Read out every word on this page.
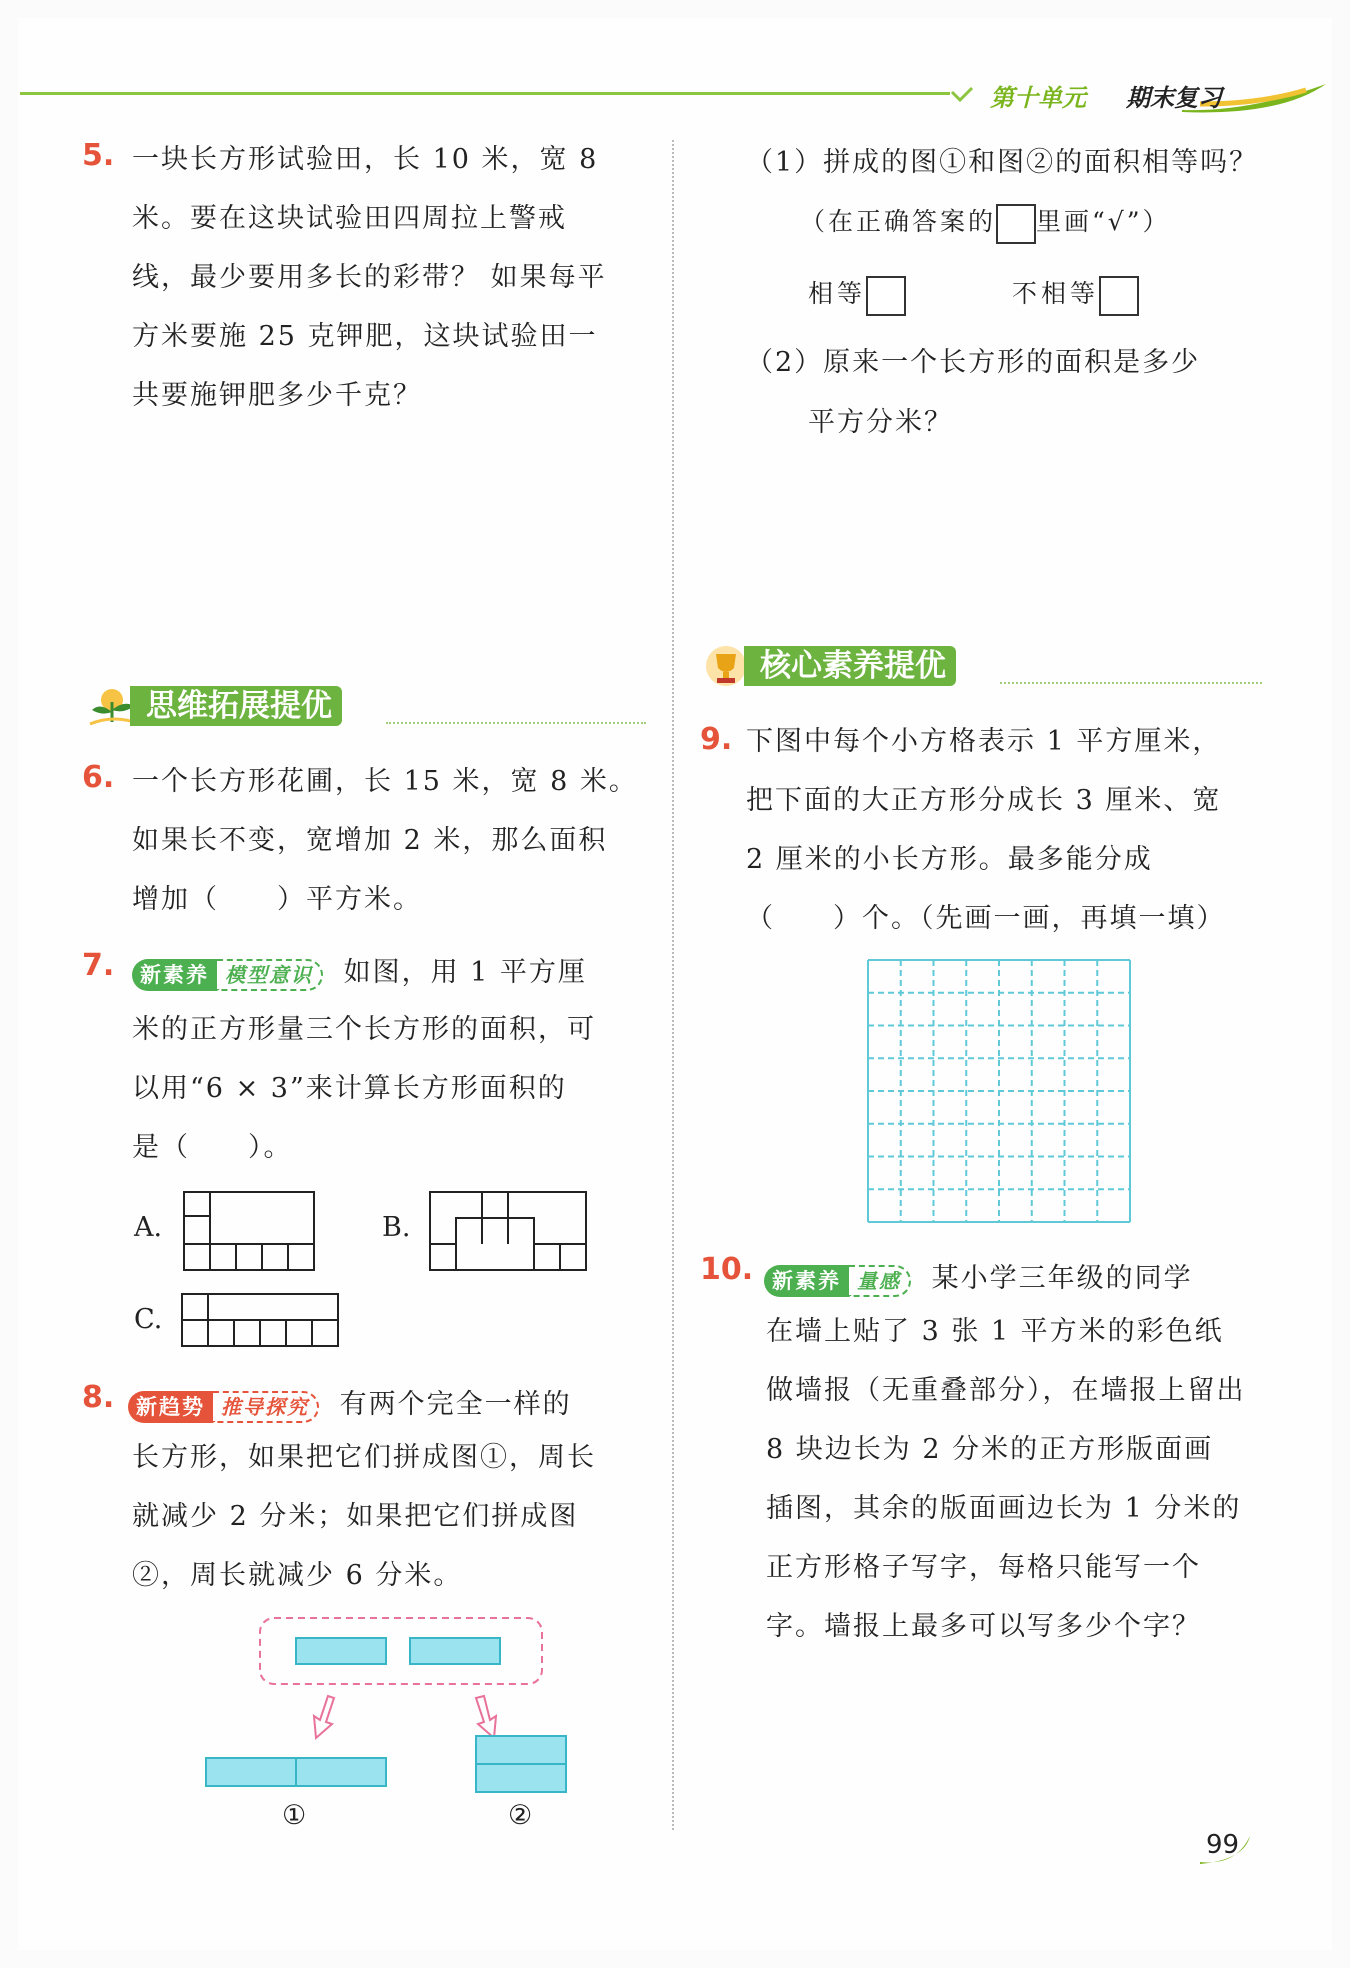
第十单元 期末复习
5. 一块长方形试验田，长 10 米，宽 8
米。要在这块试验田四周拉上警戒
线，最少要用多长的彩带？ 如果每平
方米要施 25 克钾肥，这块试验田一
共要施钾肥多少千克？
思维拓展提优
6. 一个长方形花圃，长 15 米，宽 8 米。
如果长不变，宽增加 2 米，那么面积
增加（　　）平方米。
7.	新素养 模型意识 如图，用 1 平方厘
米的正方形量三个长方形的面积，可
以用“6 × 3”来计算长方形面积的
是（　　）。
A.	B.
C.
8.	新趋势 推导探究 有两个完全一样的
长方形，如果把它们拼成图①，周长
就减少 2 分米；如果把它们拼成图
②，周长就减少 6 分米。
①	②
（1）拼成的图①和图②的面积相等吗？
（在正确答案的 里画“√”）
相等	不相等
（2）原来一个长方形的面积是多少
平方分米？
核心素养提优
9. 下图中每个小方格表示 1 平方厘米，
把下面的大正方形分成长 3 厘米、宽
2 厘米的小长方形。最多能分成
（　　）个。（先画一画，再填一填）
10. 新素养 量感 某小学三年级的同学
在墙上贴了 3 张 1 平方米的彩色纸
做墙报（无重叠部分），在墙报上留出
8 块边长为 2 分米的正方形版面画
插图，其余的版面画边长为 1 分米的
正方形格子写字，每格只能写一个
字。墙报上最多可以写多少个字？
99
